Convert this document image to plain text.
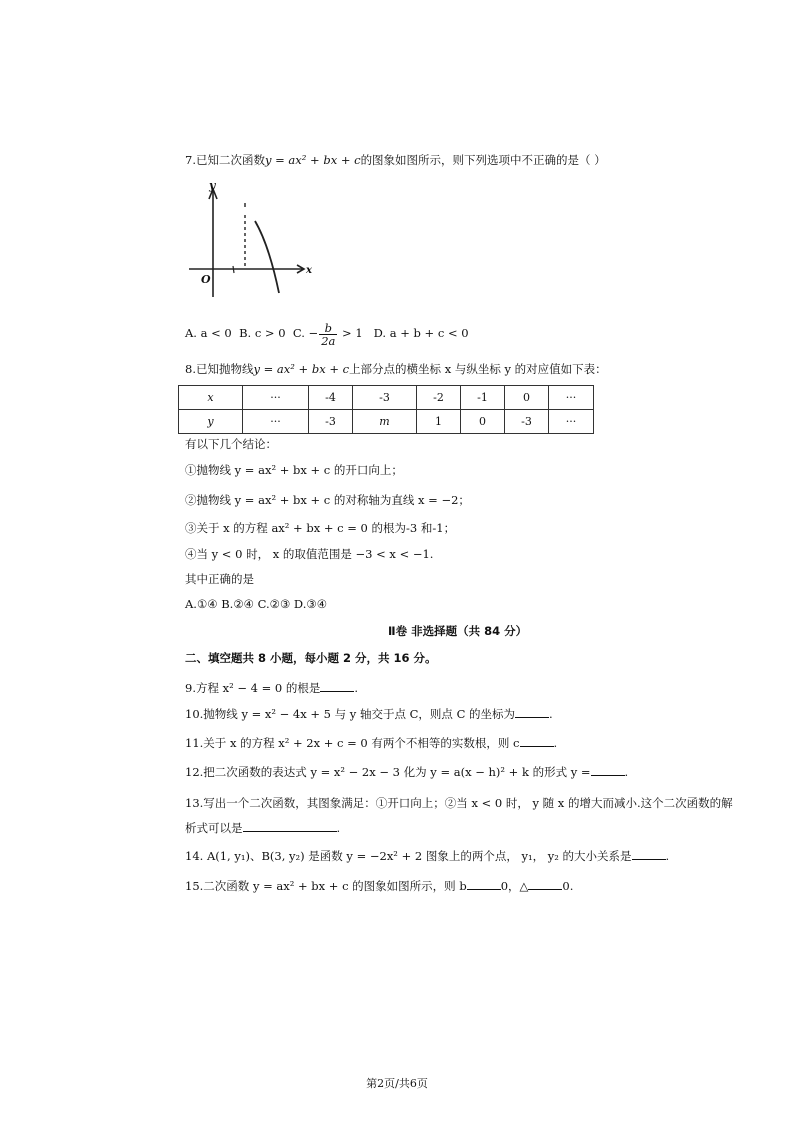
7.已知二次函数y = ax² + bx + c的图象如图所示，则下列选项中不正确的是（ ）
y
x
O
A. a < 0 B. c > 0 C. − $\frac{b}{2a} > 1$ D. a + b + c < 0
8.已知抛物线y = ax² + bx + c上部分点的横坐标 x 与纵坐标 y 的对应值如下表：
x	···	-4	-3	-2	-1	0	···
y	···	-3	m	1	0	-3	···
有以下几个结论：
①抛物线 y = ax² + bx + c 的开口向上；
②抛物线 y = ax² + bx + c 的对称轴为直线 x = −2；
③关于 x 的方程 ax² + bx + c = 0 的根为-3 和-1；
④当 y < 0 时， x 的取值范围是 −3 < x < −1.
其中正确的是
A.①④ B.②④ C.②③ D.③④
Ⅱ卷 非选择题（共 84 分）
二、填空题共 8 小题，每小题 2 分，共 16 分。
9.方程 x² − 4 = 0 的根是	.
10.抛物线 y = x² − 4x + 5 与 y 轴交于点 C，则点 C 的坐标为	.
11.关于 x 的方程 x² + 2x + c = 0 有两个不相等的实数根，则 c	.
12.把二次函数的表达式 y = x² − 2x − 3 化为 y = a(x − h)² + k 的形式 y =	.
13.写出一个二次函数，其图象满足：①开口向上；②当 x < 0 时， y 随 x 的增大而减小.这个二次函数的解
析式可以是	.
14. A(1, y₁)、B(3, y₂) 是函数 y = −2x² + 2 图象上的两个点， y₁， y₂ 的大小关系是	.
15.二次函数 y = ax² + bx + c 的图象如图所示，则 b	0，△	0.
第2页/共6页
